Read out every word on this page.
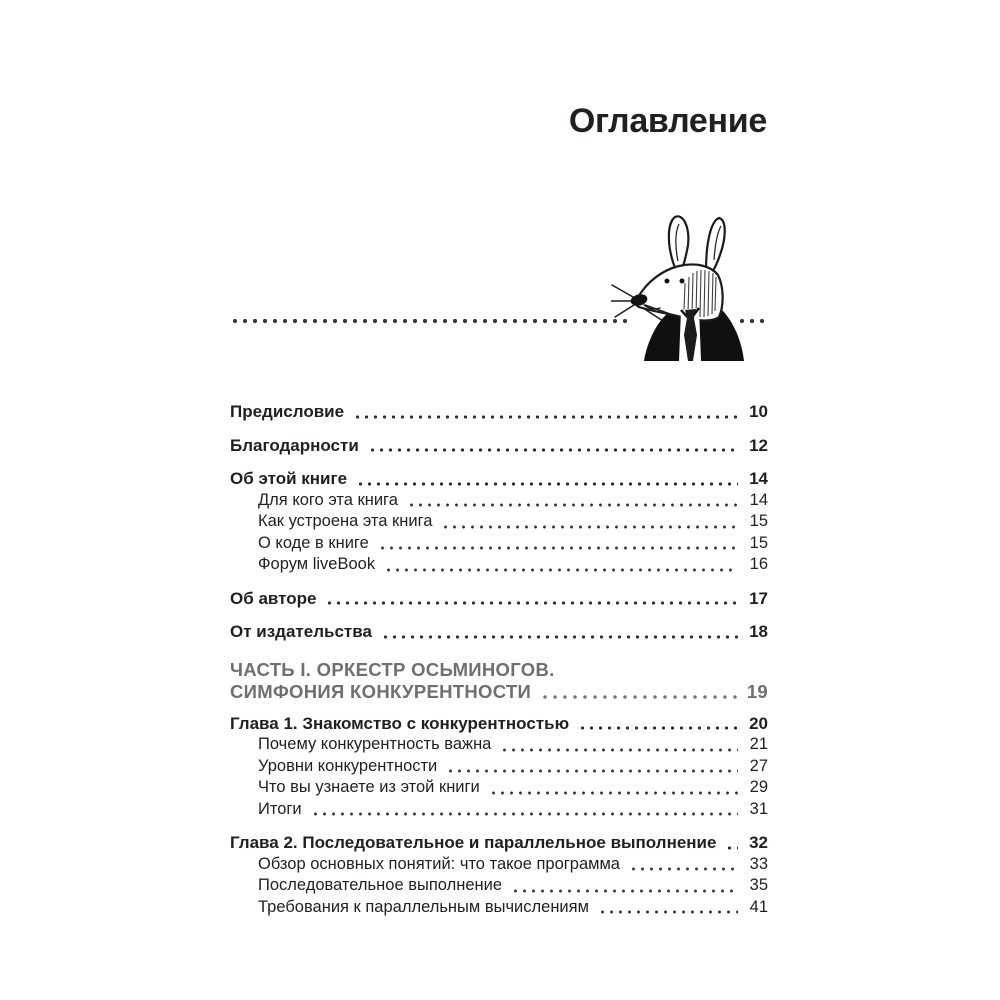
Оглавление
Предисловие	10
Благодарности	12
Об этой книге	14
Для кого эта книга	14
Как устроена эта книга	15
О коде в книге	15
Форум liveBook	16
Об авторе	17
От издательства	18
ЧАСТЬ I. ОРКЕСТР ОСЬМИНОГОВ.
СИМФОНИЯ КОНКУРЕНТНОСТИ	19
Глава 1. Знакомство с конкурентностью	20
Почему конкурентность важна	21
Уровни конкурентности	27
Что вы узнаете из этой книги	29
Итоги	31
Глава 2. Последовательное и параллельное выполнение 32
Обзор основных понятий: что такое программа	33
Последовательное выполнение	35
Требования к параллельным вычислениям	41
